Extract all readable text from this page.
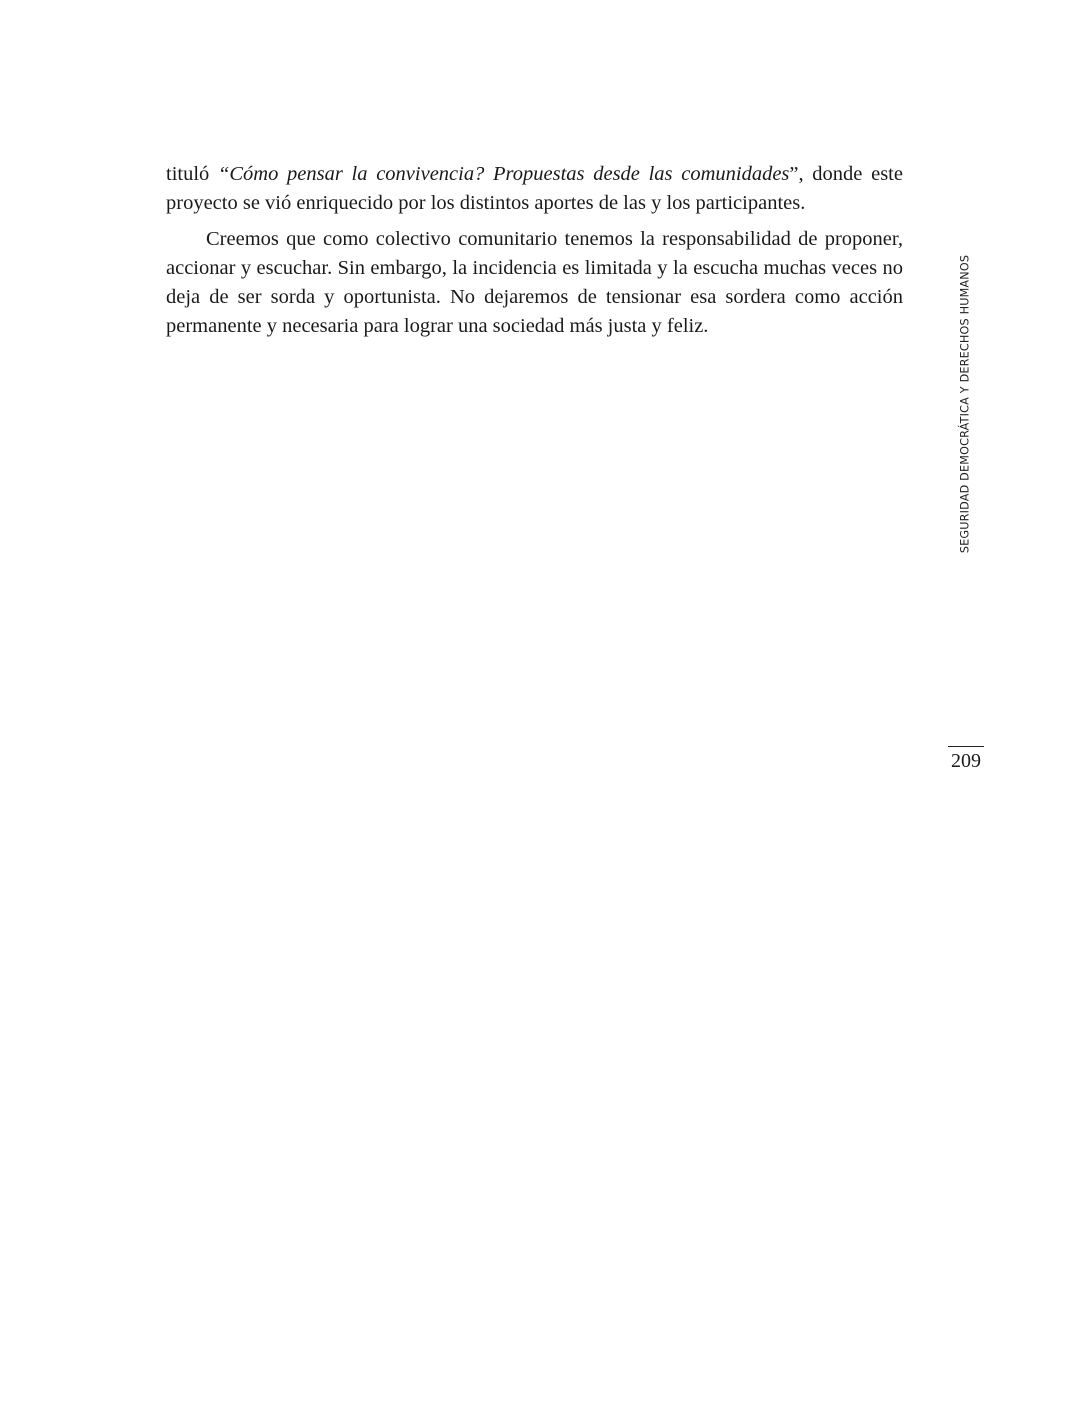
tituló “Cómo pensar la convivencia? Propuestas desde las comunidades”, donde este proyecto se vió enriquecido por los distintos aportes de las y los participantes.

Creemos que como colectivo comunitario tenemos la responsabilidad de proponer, accionar y escuchar. Sin embargo, la incidencia es limitada y la escucha muchas veces no deja de ser sorda y oportunista. No dejaremos de tensionar esa sordera como acción permanente y necesaria para lograr una sociedad más justa y feliz.	SEGURIDAD DEMOCRÁTICA Y DERECHOS HUMANOS
209
